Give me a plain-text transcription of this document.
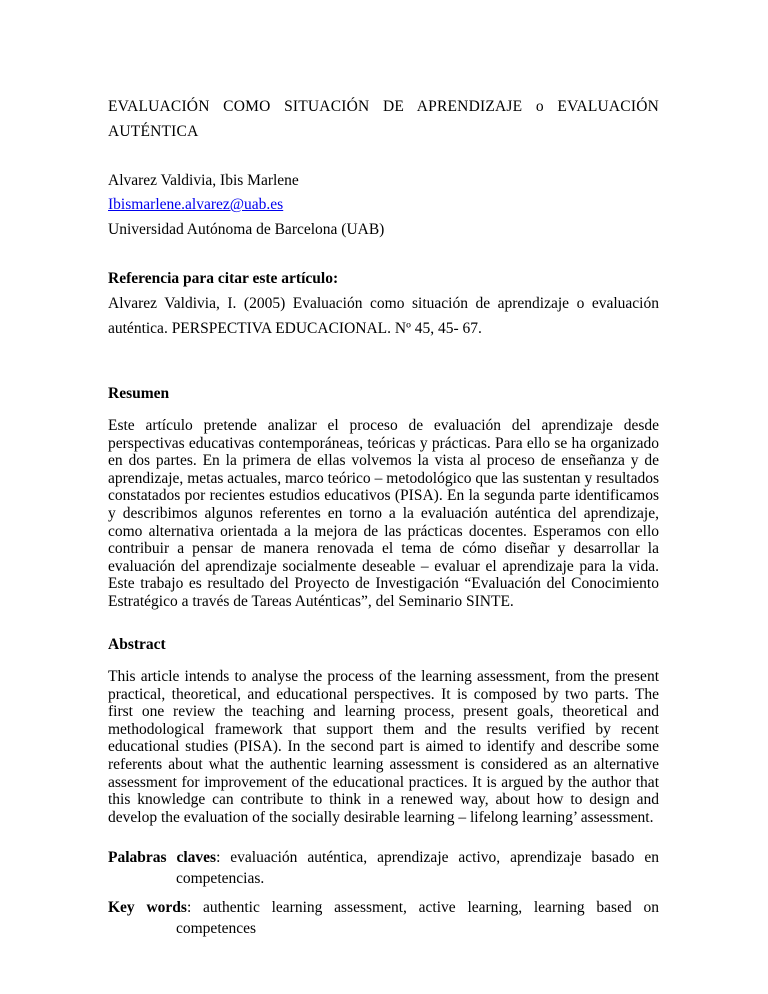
EVALUACIÓN COMO SITUACIÓN DE APRENDIZAJE o EVALUACIÓN

AUTÉNTICA

Alvarez Valdivia, Ibis Marlene

Ibismarlene.alvarez@uab.es

Universidad Autónoma de Barcelona (UAB)

Referencia para citar este artículo:

Alvarez Valdivia, I. (2005) Evaluación como situación de aprendizaje o evaluación

auténtica. PERSPECTIVA EDUCACIONAL. Nº 45, 45- 67.

Resumen

Este artículo pretende analizar el proceso de evaluación del aprendizaje desde perspectivas educativas contemporáneas, teóricas y prácticas. Para ello se ha organizado en dos partes. En la primera de ellas volvemos la vista al proceso de enseñanza y de aprendizaje, metas actuales, marco teórico – metodológico que las sustentan y resultados constatados por recientes estudios educativos (PISA). En la segunda parte identificamos y describimos algunos referentes en torno a la evaluación auténtica del aprendizaje, como alternativa orientada a la mejora de las prácticas docentes. Esperamos con ello contribuir a pensar de manera renovada el tema de cómo diseñar y desarrollar la evaluación del aprendizaje socialmente deseable – evaluar el aprendizaje para la vida. Este trabajo es resultado del Proyecto de Investigación “Evaluación del Conocimiento Estratégico a través de Tareas Auténticas”, del Seminario SINTE.

Abstract

This article intends to analyse the process of the learning assessment, from the present practical, theoretical, and educational perspectives. It is composed by two parts. The first one review the teaching and learning process, present goals, theoretical and methodological framework that support them and the results verified by recent educational studies (PISA). In the second part is aimed to identify and describe some referents about what the authentic learning assessment is considered as an alternative assessment for improvement of the educational practices. It is argued by the author that this knowledge can contribute to think in a renewed way, about how to design and develop the evaluation of the socially desirable learning – lifelong learning’ assessment.

Palabras claves: evaluación auténtica, aprendizaje activo, aprendizaje basado en
competencias.
Key words: authentic learning assessment, active learning, learning based on
competences
